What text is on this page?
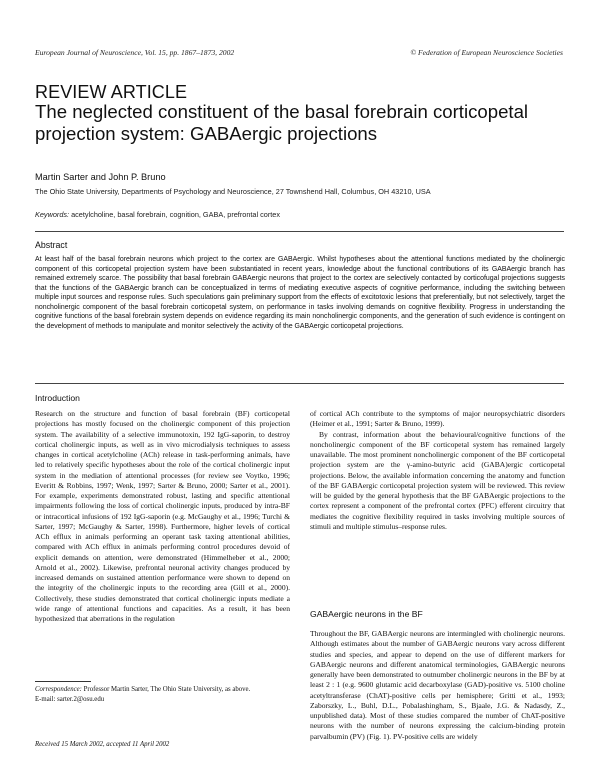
European Journal of Neuroscience, Vol. 15, pp. 1867–1873, 2002	© Federation of European Neuroscience Societies
REVIEW ARTICLE
The neglected constituent of the basal forebrain corticopetal projection system: GABAergic projections
Martin Sarter and John P. Bruno
The Ohio State University, Departments of Psychology and Neuroscience, 27 Townshend Hall, Columbus, OH 43210, USA
Keywords: acetylcholine, basal forebrain, cognition, GABA, prefrontal cortex
Abstract

At least half of the basal forebrain neurons which project to the cortex are GABAergic. Whilst hypotheses about the attentional functions mediated by the cholinergic component of this corticopetal projection system have been substantiated in recent years, knowledge about the functional contributions of its GABAergic branch has remained extremely scarce. The possibility that basal forebrain GABAergic neurons that project to the cortex are selectively contacted by corticofugal projections suggests that the functions of the GABAergic branch can be conceptualized in terms of mediating executive aspects of cognitive performance, including the switching between multiple input sources and response rules. Such speculations gain preliminary support from the effects of excitotoxic lesions that preferentially, but not selectively, target the noncholinergic component of the basal forebrain corticopetal system, on performance in tasks involving demands on cognitive flexibility. Progress in understanding the cognitive functions of the basal forebrain system depends on evidence regarding its main noncholinergic components, and the generation of such evidence is contingent on the development of methods to manipulate and monitor selectively the activity of the GABAergic corticopetal projections.

Introduction

Research on the structure and function of basal forebrain (BF) corticopetal projections has mostly focused on the cholinergic component of this projection system. The availability of a selective immunotoxin, 192 IgG-saporin, to destroy cortical cholinergic inputs, as well as in vivo microdialysis techniques to assess changes in cortical acetylcholine (ACh) release in task-performing animals, have led to relatively specific hypotheses about the role of the cortical cholinergic input system in the mediation of attentional processes (for review see Voytko, 1996; Everitt & Robbins, 1997; Wenk, 1997; Sarter & Bruno, 2000; Sarter et al., 2001). For example, experiments demonstrated robust, lasting and specific attentional impairments following the loss of cortical cholinergic inputs, produced by intra-BF or intracortical infusions of 192 IgG-saporin (e.g. McGaughy et al., 1996; Turchi & Sarter, 1997; McGaughy & Sarter, 1998). Furthermore, higher levels of cortical ACh efflux in animals performing an operant task taxing attentional abilities, compared with ACh efflux in animals performing control procedures devoid of explicit demands on attention, were demonstrated (Himmelheber et al., 2000; Arnold et al., 2002). Likewise, prefrontal neuronal activity changes produced by increased demands on sustained attention performance were shown to depend on the integrity of the cholinergic inputs to the recording area (Gill et al., 2000). Collectively, these studies demonstrated that cortical cholinergic inputs mediate a wide range of attentional functions and capacities. As a result, it has been hypothesized that aberrations in the regulation

of cortical ACh contribute to the symptoms of major neuropsychiatric disorders (Heimer et al., 1991; Sarter & Bruno, 1999).

By contrast, information about the behavioural/cognitive functions of the noncholinergic component of the BF corticopetal system has remained largely unavailable. The most prominent noncholinergic component of the BF corticopetal projection system are the γ-amino-butyric acid (GABA)ergic corticopetal projections. Below, the available information concerning the anatomy and function of the BF GABAergic corticopetal projection system will be reviewed. This review will be guided by the general hypothesis that the BF GABAergic projections to the cortex represent a component of the prefrontal cortex (PFC) efferent circuitry that mediates the cognitive flexibility required in tasks involving multiple sources of stimuli and multiple stimulus–response rules.

GABAergic neurons in the BF

Throughout the BF, GABAergic neurons are intermingled with cholinergic neurons. Although estimates about the number of GABAergic neurons vary across different studies and species, and appear to depend on the use of different markers for GABAergic neurons and different anatomical terminologies, GABAergic neurons generally have been demonstrated to outnumber cholinergic neurons in the BF by at least 2 : 1 (e.g. 9600 glutamic acid decarboxylase (GAD)-positive vs. 5100 choline acetyltransferase (ChAT)-positive cells per hemisphere; Gritti et al., 1993; Zaborszky, L., Buhl, D.L., Pobalashingham, S., Bjaale, J.G. & Nadasdy, Z., unpublished data). Most of these studies compared the number of ChAT-positive neurons with the number of neurons expressing the calcium-binding protein parvalbumin (PV) (Fig. 1). PV-positive cells are widely

Correspondence: Professor Martin Sarter, The Ohio State University, as above.
E-mail: sarter.2@osu.edu
Received 15 March 2002, accepted 11 April 2002
